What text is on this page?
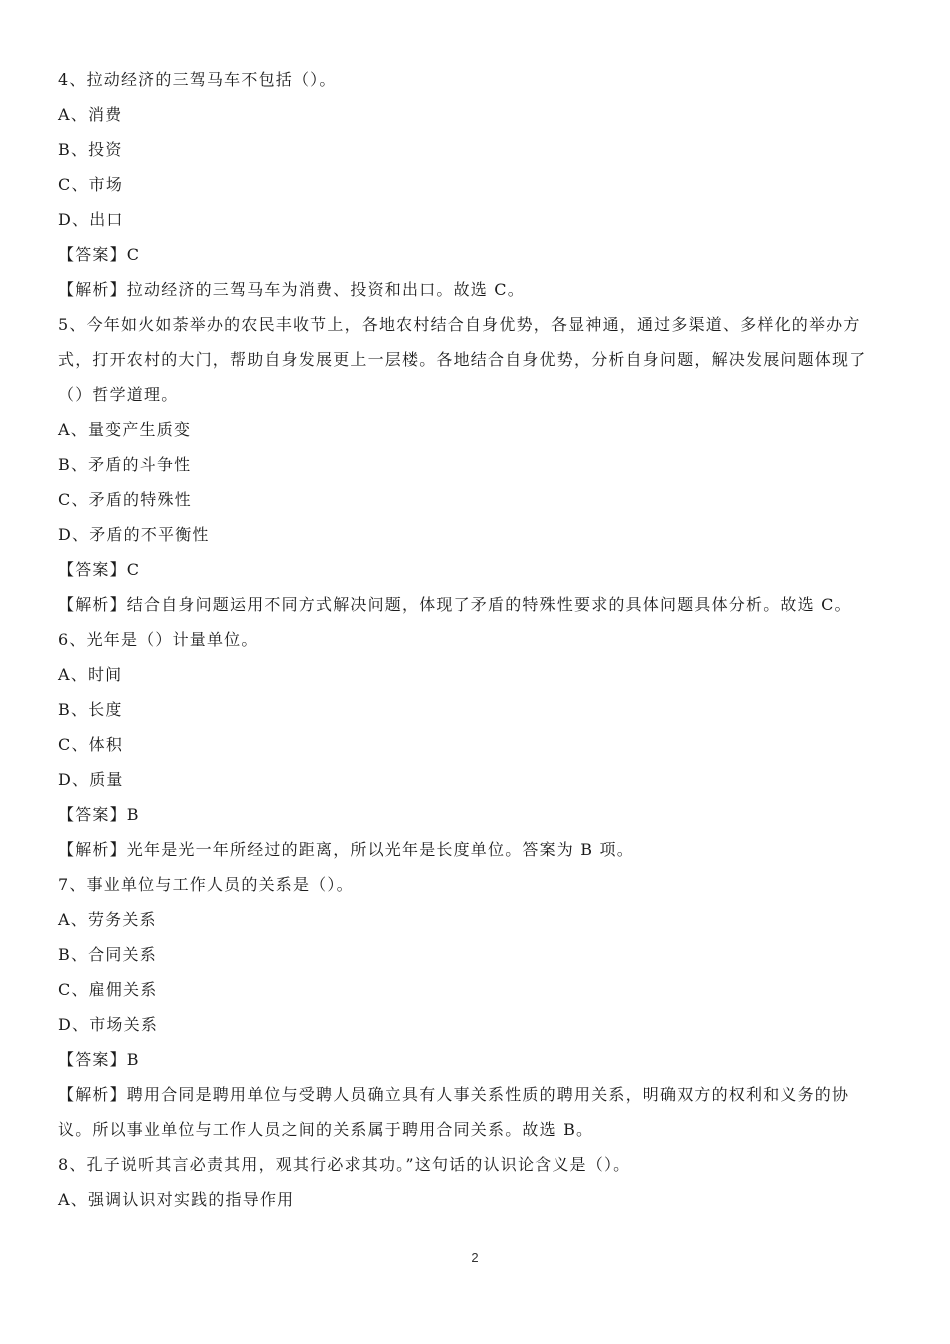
4、拉动经济的三驾马车不包括（）。
A、消费
B、投资
C、市场
D、出口
【答案】C
【解析】拉动经济的三驾马车为消费、投资和出口。故选 C。
5、今年如火如荼举办的农民丰收节上，各地农村结合自身优势，各显神通，通过多渠道、多样化的举办方
式，打开农村的大门，帮助自身发展更上一层楼。各地结合自身优势，分析自身问题，解决发展问题体现了
（）哲学道理。
A、量变产生质变
B、矛盾的斗争性
C、矛盾的特殊性
D、矛盾的不平衡性
【答案】C
【解析】结合自身问题运用不同方式解决问题，体现了矛盾的特殊性要求的具体问题具体分析。故选 C。
6、光年是（）计量单位。
A、时间
B、长度
C、体积
D、质量
【答案】B
【解析】光年是光一年所经过的距离，所以光年是长度单位。答案为 B 项。
7、事业单位与工作人员的关系是（）。
A、劳务关系
B、合同关系
C、雇佣关系
D、市场关系
【答案】B
【解析】聘用合同是聘用单位与受聘人员确立具有人事关系性质的聘用关系，明确双方的权利和义务的协
议。所以事业单位与工作人员之间的关系属于聘用合同关系。故选 B。
8、孔子说听其言必责其用，观其行必求其功。”这句话的认识论含义是（）。
A、强调认识对实践的指导作用
2
